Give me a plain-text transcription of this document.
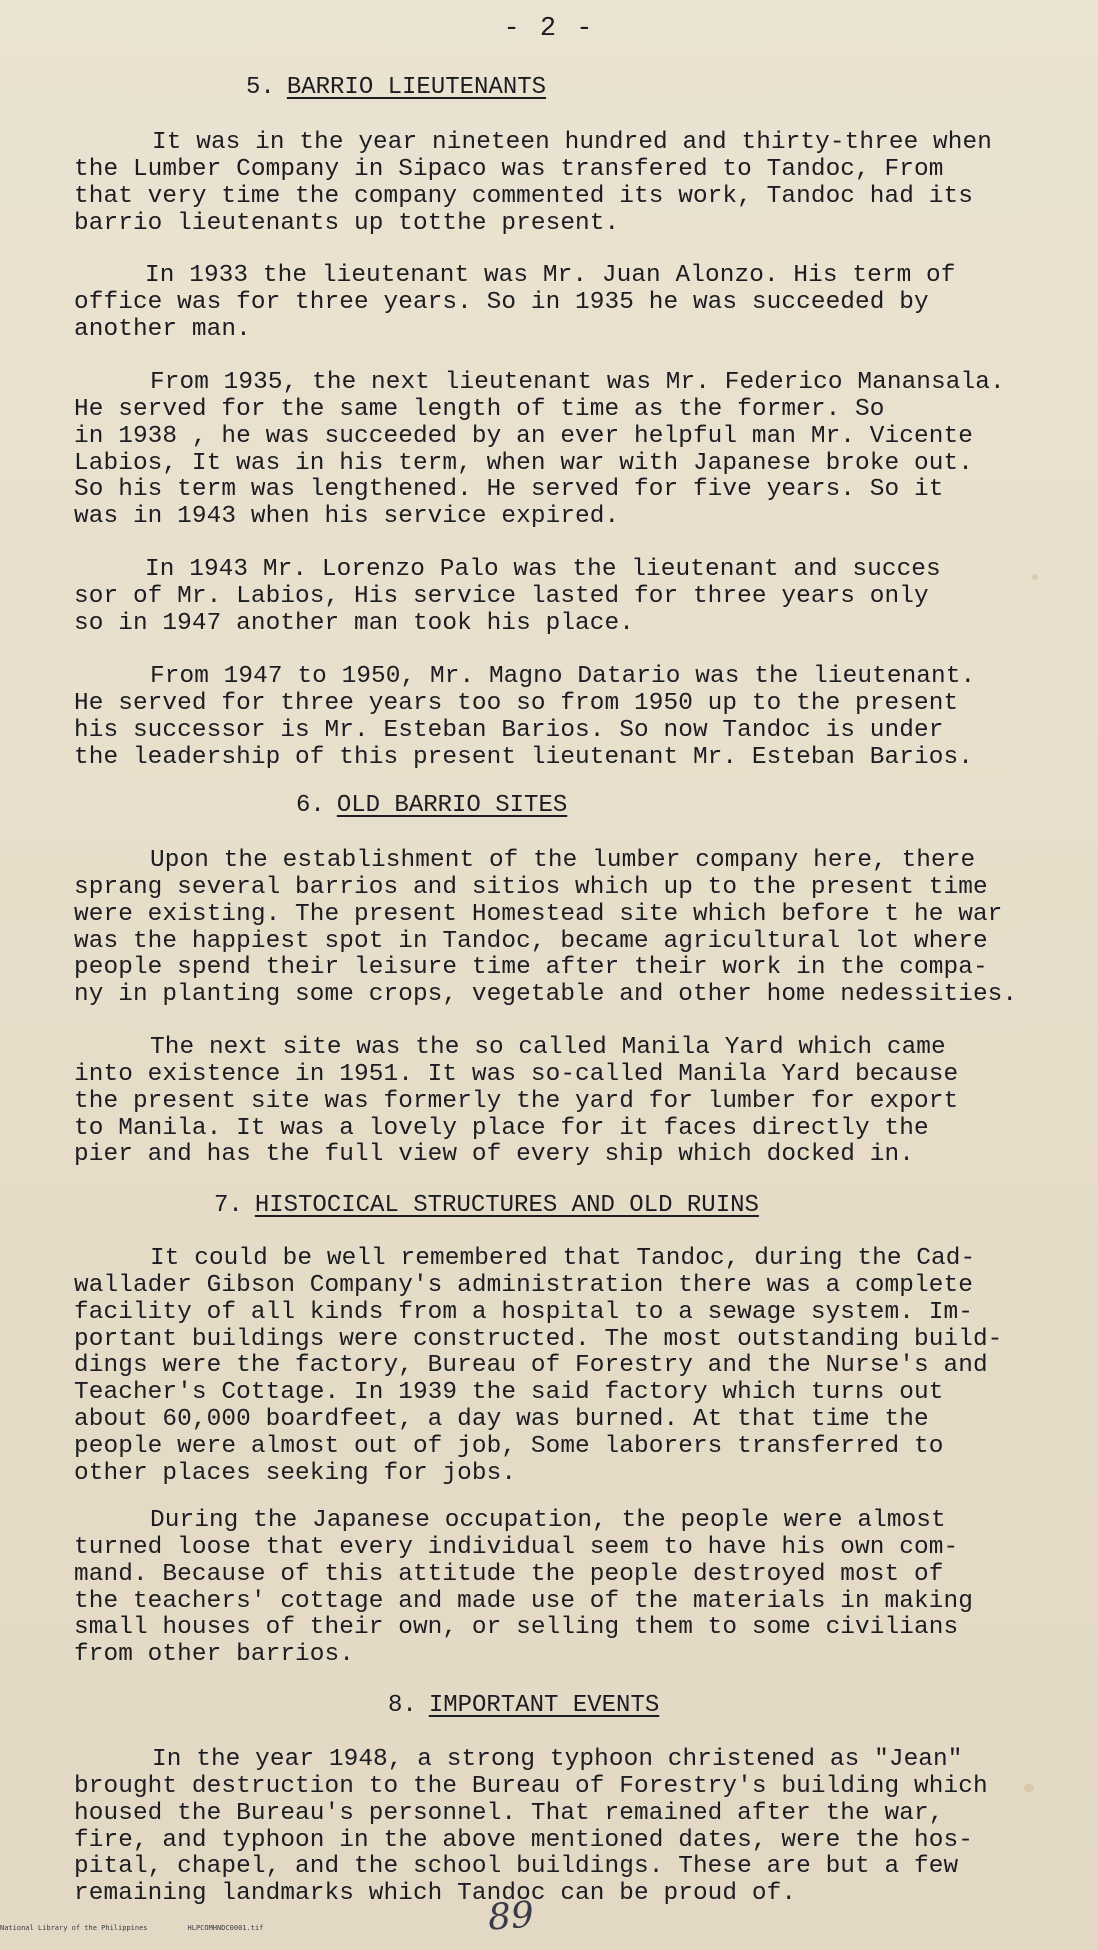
- 2 -
5. BARRIO LIEUTENANTS
It was in the year nineteen hundred and thirty-three when
the Lumber Company in Sipaco was transfered to Tandoc, From
that very time the company commented its work, Tandoc had its
barrio lieutenants up totthe present.
In 1933 the lieutenant was Mr. Juan Alonzo. His term of
office was for three years. So in 1935 he was succeeded by
another man.
From 1935, the next lieutenant was Mr. Federico Manansala.
He served for the same length of time as the former. So
in 1938 , he was succeeded by an ever helpful man Mr. Vicente
Labios, It was in his term, when war with Japanese broke out.
So his term was lengthened. He served for five years. So it
was in 1943 when his service expired.
In 1943 Mr. Lorenzo Palo was the lieutenant and succes
sor of Mr. Labios, His service lasted for three years only
so in 1947 another man took his place.
From 1947 to 1950, Mr. Magno Datario was the lieutenant.
He served for three years too so from 1950 up to the present
his successor is Mr. Esteban Barios. So now Tandoc is under
the leadership of this present lieutenant Mr. Esteban Barios.
6. OLD BARRIO SITES
Upon the establishment of the lumber company here, there
sprang several barrios and sitios which up to the present time
were existing. The present Homestead site which before t he war
was the happiest spot in Tandoc, became agricultural lot where
people spend their leisure time after their work in the compa-
ny in planting some crops, vegetable and other home nedessities.
The next site was the so called Manila Yard which came
into existence in 1951. It was so-called Manila Yard because
the present site was formerly the yard for lumber for export
to Manila. It was a lovely place for it faces directly the
pier and has the full view of every ship which docked in.
7. HISTOCICAL STRUCTURES AND OLD RUINS
It could be well remembered that Tandoc, during the Cad-
wallader Gibson Company's administration there was a complete
facility of all kinds from a hospital to a sewage system. Im-
portant buildings were constructed. The most outstanding build-
dings were the factory, Bureau of Forestry and the Nurse's and
Teacher's Cottage. In 1939 the said factory which turns out
about 60,000 boardfeet, a day was burned. At that time the
people were almost out of job, Some laborers transferred to
other places seeking for jobs.
During the Japanese occupation, the people were almost
turned loose that every individual seem to have his own com-
mand. Because of this attitude the people destroyed most of
the teachers' cottage and made use of the materials in making
small houses of their own, or selling them to some civilians
from other barrios.
8. IMPORTANT EVENTS
In the year 1948, a strong typhoon christened as "Jean"
brought destruction to the Bureau of Forestry's building which
housed the Bureau's personnel. That remained after the war,
fire, and typhoon in the above mentioned dates, were the hos-
pital, chapel, and the school buildings. These are but a few
remaining landmarks which Tandoc can be proud of.
89
National Library of the Philippines	HLPCOMHNDC0001.tif
